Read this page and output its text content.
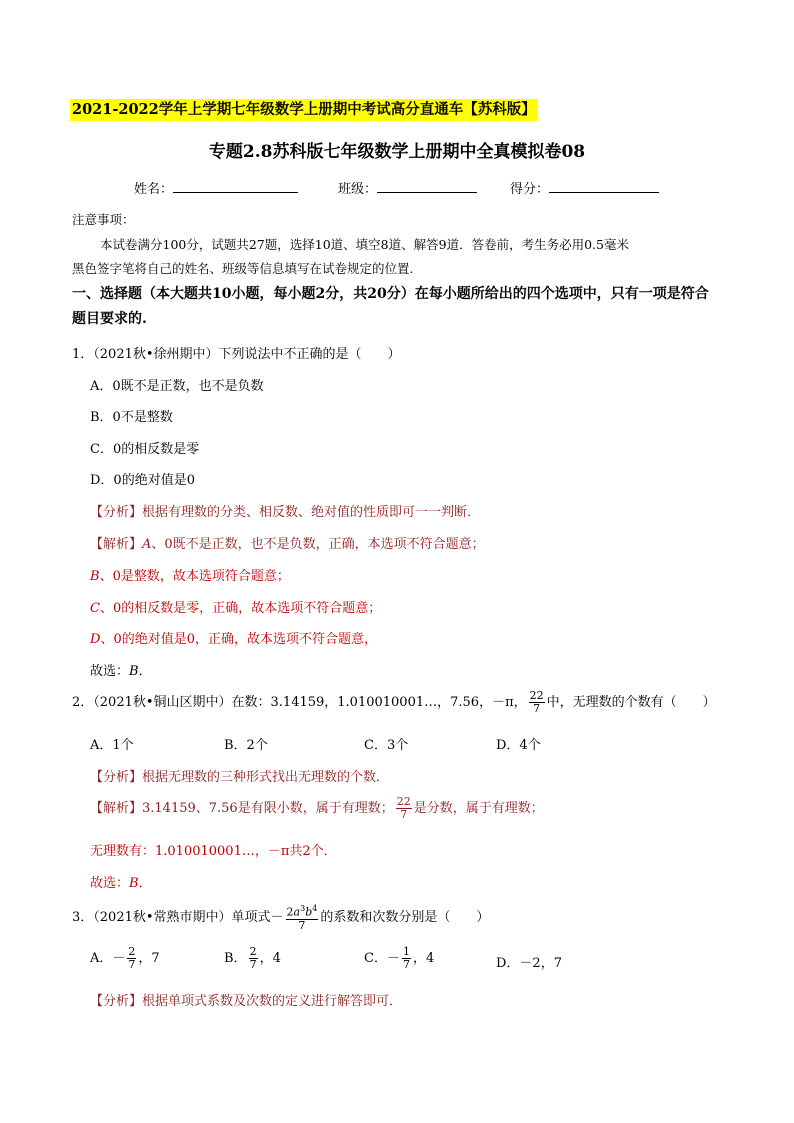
2021-2022学年上学期七年级数学上册期中考试高分直通车【苏科版】
专题2.8苏科版七年级数学上册期中全真模拟卷08
姓名：	班级：	得分：
注意事项：
本试卷满分100分，试题共27题，选择10道、填空8道、解答9道．答卷前，考生务必用0.5毫米
黑色签字笔将自己的姓名、班级等信息填写在试卷规定的位置.
一、选择题（本大题共10小题，每小题2分，共20分）在每小题所给出的四个选项中，只有一项是符合
题目要求的.
1．（2021秋•徐州期中）下列说法中不正确的是（　　）
A．0既不是正数，也不是负数
B．0不是整数
C．0的相反数是零
D．0的绝对值是0
【分析】根据有理数的分类、相反数、绝对值的性质即可一一判断．
【解析】A、0既不是正数，也不是负数，正确，本选项不符合题意；
B、0是整数，故本选项符合题意；
C、0的相反数是零，正确，故本选项不符合题意；
D、0的绝对值是0，正确，故本选项不符合题意，
故选：B．
2．（2021秋•铜山区期中）在数：3.14159，1.010010001…，7.56，－π， $\frac{22}{7}$ 中，无理数的个数有（　　）
A．1个	B．2个	C．3个	D．4个
【分析】根据无理数的三种形式找出无理数的个数．
【解析】3.14159、7.56是有限小数，属于有理数； $\frac{22}{7}$ 是分数，属于有理数；
无理数有：1.010010001…，－π共2个．
故选：B．
3．（2021秋•常熟市期中）单项式－ $\frac{2a^3b^4}{7}$ 的系数和次数分别是（　　）
A．－ $\frac{2}{7}$ ，7	B． $\frac{2}{7}$ ，4	C．－ $\frac{1}{7}$ ，4	D．－2，7
【分析】根据单项式系数及次数的定义进行解答即可．
